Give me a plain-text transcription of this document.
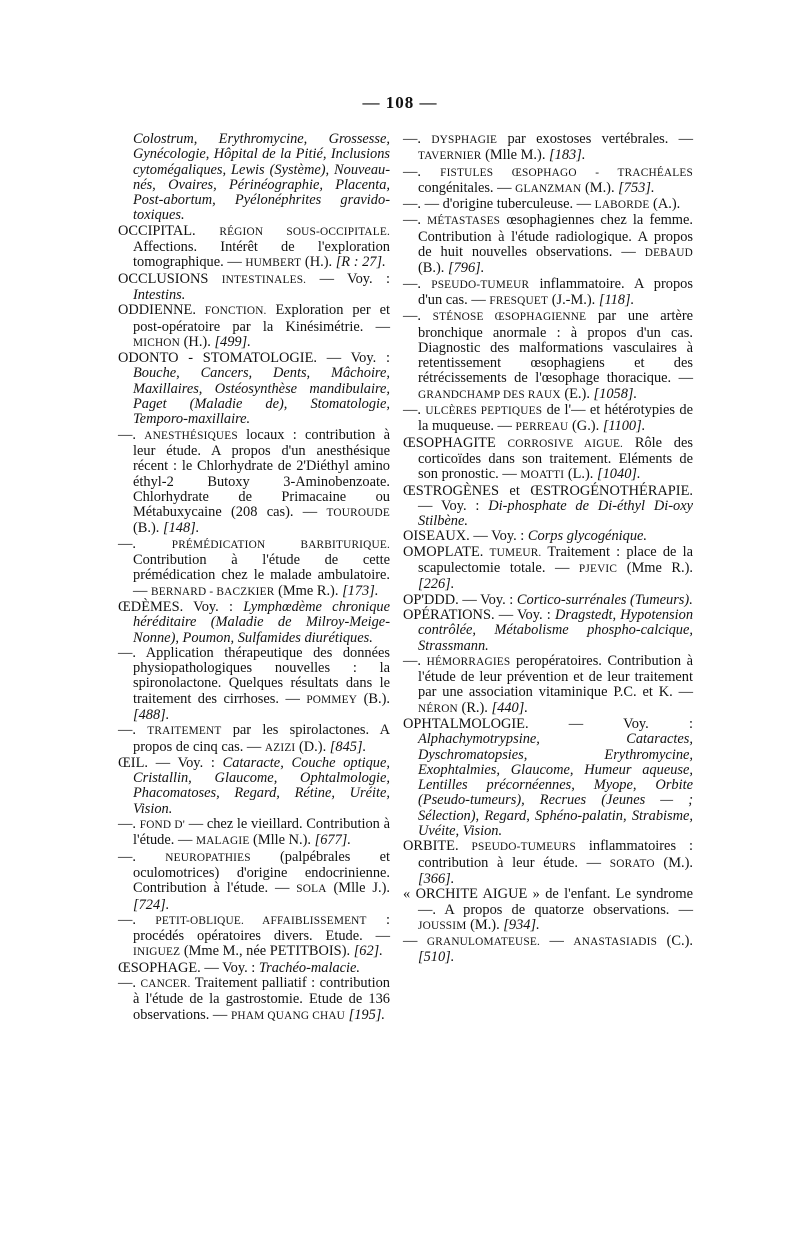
— 108 —

Colostrum, Erythromycine, Grossesse, Gynécologie, Hôpital de la Pitié, Inclusions cytomégaliques, Lewis (Système), Nouveau-nés, Ovaires, Périnéographie, Placenta, Post-abortum, Pyélonéphrites gravido-toxiques.

OCCIPITAL. RÉGION SOUS-OCCIPITALE. Affections. Intérêt de l'exploration tomographique. — HUMBERT (H.). [R : 27].

OCCLUSIONS INTESTINALES. — Voy. : Intestins.

ODDIENNE. FONCTION. Exploration per et post-opératoire par la Kinésimétrie. — MICHON (H.). [499].

ODONTO - STOMATOLOGIE. — Voy. : Bouche, Cancers, Dents, Mâchoire, Maxillaires, Ostéosynthèse mandibulaire, Paget (Maladie de), Stomatologie, Temporo-maxillaire.

—. ANESTHÉSIQUES locaux : contribution à leur étude. A propos d'un anesthésique récent : le Chlorhydrate de 2'Diéthyl amino éthyl-2 Butoxy 3-Aminobenzoate. Chlorhydrate de Primacaine ou Métabuxycaine (208 cas). — TOUROUDE (B.). [148].

—.	PRÉMÉDICATION BARBITURIQUE. Contribution à l'étude de cette prémédication chez le malade ambulatoire. — BERNARD - BACZKIER (Mme R.). [173].

ŒDÈMES. Voy. : Lymphœdème chronique héréditaire (Maladie de Milroy-Meige-Nonne), Poumon, Sulfamides diurétiques.

—. Application thérapeutique des données physiopathologiques nouvelles : la spironolactone. Quelques résultats dans le traitement des cirrhoses. — POMMEY (B.). [488].

—. TRAITEMENT par les spirolactones. A propos de cinq cas. — AZIZI (D.). [845].

ŒIL. — Voy. : Cataracte, Couche optique, Cristallin, Glaucome, Ophtalmologie, Phacomatoses, Regard, Rétine, Uréite, Vision.

—. FOND D' — chez le vieillard. Contribution à l'étude. — MALAGIE (Mlle N.). [677].

—.	NEUROPATHIES (palpébrales et oculomotrices) d'origine endocrinienne. Contribution à l'étude. — SOLA (Mlle J.). [724].

—. PETIT-OBLIQUE. AFFAIBLISSEMENT : procédés opératoires divers. Etude. — INIGUEZ (Mme M., née PETITBOIS). [62].

ŒSOPHAGE. — Voy. : Trachéo-malacie.

—. CANCER. Traitement palliatif : contribution à l'étude de la gastrostomie. Etude de 136 observations. — PHAM QUANG CHAU [195].

—. DYSPHAGIE par exostoses vertébrales. — TAVERNIER (Mlle M.). [183].

—. FISTULES ŒSOPHAGO - TRACHÉALES congénitales. — GLANZMAN (M.). [753].

—. — d'origine tuberculeuse. — LABORDE (A.).

—. MÉTASTASES œsophagiennes chez la femme. Contribution à l'étude radiologique. A propos de huit nouvelles observations. — DEBAUD (B.). [796].

—. PSEUDO-TUMEUR inflammatoire. A propos d'un cas. — FRESQUET (J.-M.). [118].

—. STÉNOSE ŒSOPHAGIENNE par une artère bronchique anormale : à propos d'un cas. Diagnostic des malformations vasculaires à retentissement œsophagiens et des rétrécissements de l'œsophage thoracique. — GRANDCHAMP DES RAUX (E.). [1058].

—. ULCÈRES PEPTIQUES de l'— et hétérotypies de la muqueuse. — PERREAU (G.). [1100].

ŒSOPHAGITE CORROSIVE AIGUE. Rôle des corticoïdes dans son traitement. Eléments de son pronostic. — MOATTI (L.). [1040].

ŒSTROGÈNES et ŒSTROGÉNOTHÉRAPIE. — Voy. : Di-phosphate de Di-éthyl Di-oxy Stilbène.

OISEAUX. — Voy. : Corps glycogénique.

OMOPLATE. TUMEUR. Traitement : place de la scapulectomie totale. — PJEVIC (Mme R.). [226].

OP'DDD. — Voy. : Cortico-surrénales (Tumeurs).

OPÉRATIONS. — Voy. : Dragstedt, Hypotension contrôlée, Métabolisme phospho-calcique, Strassmann.

—. HÉMORRAGIES peropératoires. Contribution à l'étude de leur prévention et de leur traitement par une association vitaminique P.C. et K. — NÉRON (R.). [440].

OPHTALMOLOGIE.	— Voy. : Alphachymotrypsine, Cataractes, Dyschromatopsies, Erythromycine, Exophtalmies, Glaucome, Humeur aqueuse, Lentilles précornéennes, Myope, Orbite (Pseudo-tumeurs), Recrues (Jeunes — ; Sélection), Regard, Sphéno-palatin, Strabisme, Uvéite, Vision.

ORBITE. PSEUDO-TUMEURS inflammatoires : contribution à leur étude. — SORATO (M.). [366].

« ORCHITE AIGUE » de l'enfant. Le syndrome —. A propos de quatorze observations. — JOUSSIM (M.). [934].

— GRANULOMATEUSE. — ANASTASIADIS (C.). [510].
